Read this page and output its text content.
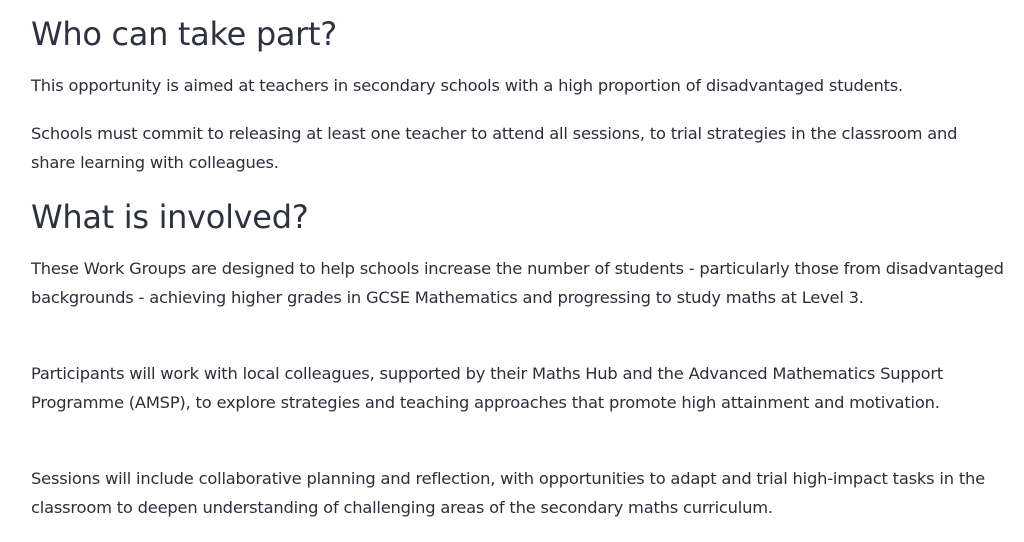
Who can take part?

This opportunity is aimed at teachers in secondary schools with a high proportion of disadvantaged students.

Schools must commit to releasing at least one teacher to attend all sessions, to trial strategies in the classroom and share learning with colleagues.

What is involved?

These Work Groups are designed to help schools increase the number of students - particularly those from disadvantaged backgrounds - achieving higher grades in GCSE Mathematics and progressing to study maths at Level 3.

Participants will work with local colleagues, supported by their Maths Hub and the Advanced Mathematics Support Programme (AMSP), to explore strategies and teaching approaches that promote high attainment and motivation.

Sessions will include collaborative planning and reflection, with opportunities to adapt and trial high-impact tasks in the classroom to deepen understanding of challenging areas of the secondary maths curriculum.
